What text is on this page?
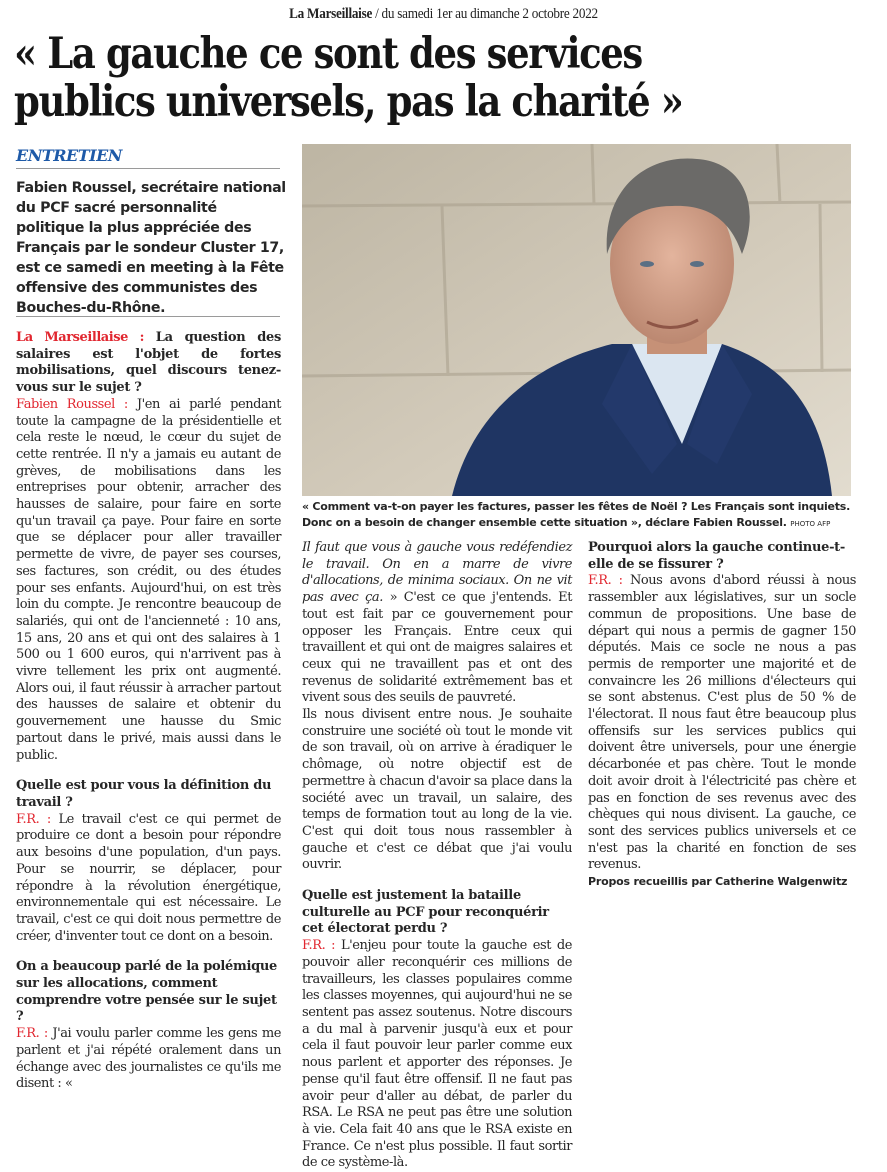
La Marseillaise / du samedi 1er au dimanche 2 octobre 2022
« La gauche ce sont des services
publics universels, pas la charité »
ENTRETIEN
Fabien Roussel, secrétaire national du PCF sacré personnalité politique la plus appréciée des Français par le sondeur Cluster 17, est ce samedi en meeting à la Fête offensive des communistes des Bouches-du-Rhône.

La Marseillaise : La question des salaires est l'objet de fortes mobilisations, quel discours tenez-vous sur le sujet ?

Fabien Roussel : J'en ai parlé pendant toute la campagne de la présidentielle et cela reste le nœud, le cœur du sujet de cette rentrée. Il n'y a jamais eu autant de grèves, de mobilisations dans les entreprises pour obtenir, arracher des hausses de salaire, pour faire en sorte qu'un travail ça paye. Pour faire en sorte que se déplacer pour aller travailler permette de vivre, de payer ses courses, ses factures, son crédit, ou des études pour ses enfants. Aujourd'hui, on est très loin du compte. Je rencontre beaucoup de salariés, qui ont de l'ancienneté : 10 ans, 15 ans, 20 ans et qui ont des salaires à 1 500 ou 1 600 euros, qui n'arrivent pas à vivre tellement les prix ont augmenté. Alors oui, il faut réussir à arracher partout des hausses de salaire et obtenir du gouvernement une hausse du Smic partout dans le privé, mais aussi dans le public.

Quelle est pour vous la définition du travail ?

F.R. : Le travail c'est ce qui permet de produire ce dont a besoin pour répondre aux besoins d'une population, d'un pays. Pour se nourrir, se déplacer, pour répondre à la révolution énergétique, environnementale qui est nécessaire. Le travail, c'est ce qui doit nous permettre de créer, d'inventer tout ce dont on a besoin.

On a beaucoup parlé de la polémique sur les allocations, comment comprendre votre pensée sur le sujet ?

F.R. : J'ai voulu parler comme les gens me parlent et j'ai répété oralement dans un échange avec des journalistes ce qu'ils me disent : «

« Comment va-t-on payer les factures, passer les fêtes de Noël ? Les Français sont inquiets. Donc on a besoin de changer ensemble cette situation », déclare Fabien Roussel. PHOTO AFP

Il faut que vous à gauche vous redéfendiez le travail. On en a marre de vivre d'allocations, de minima sociaux. On ne vit pas avec ça. » C'est ce que j'entends. Et tout est fait par ce gouvernement pour opposer les Français. Entre ceux qui travaillent et qui ont de maigres salaires et ceux qui ne travaillent pas et ont des revenus de solidarité extrêmement bas et vivent sous des seuils de pauvreté.

Ils nous divisent entre nous. Je souhaite construire une société où tout le monde vit de son travail, où on arrive à éradiquer le chômage, où notre objectif est de permettre à chacun d'avoir sa place dans la société avec un travail, un salaire, des temps de formation tout au long de la vie. C'est qui doit tous nous rassembler à gauche et c'est ce débat que j'ai voulu ouvrir.

Quelle est justement la bataille culturelle au PCF pour reconquérir cet électorat perdu ?

F.R. : L'enjeu pour toute la gauche est de pouvoir aller reconquérir ces millions de travailleurs, les classes populaires comme les classes moyennes, qui aujourd'hui ne se sentent pas assez soutenus. Notre discours a du mal à parvenir jusqu'à eux et pour cela il faut pouvoir leur parler comme eux nous parlent et apporter des réponses. Je pense qu'il faut être offensif. Il ne faut pas avoir peur d'aller au débat, de parler du RSA. Le RSA ne peut pas être une solution à vie. Cela fait 40 ans que le RSA existe en France. Ce n'est plus possible. Il faut sortir de ce système-là.

Pourquoi alors la gauche continue-t-elle de se fissurer ?

F.R. : Nous avons d'abord réussi à nous rassembler aux législatives, sur un socle commun de propositions. Une base de départ qui nous a permis de gagner 150 députés. Mais ce socle ne nous a pas permis de remporter une majorité et de convaincre les 26 millions d'électeurs qui se sont abstenus. C'est plus de 50 % de l'électorat. Il nous faut être beaucoup plus offensifs sur les services publics qui doivent être universels, pour une énergie décarbonée et pas chère. Tout le monde doit avoir droit à l'électricité pas chère et pas en fonction de ses revenus avec des chèques qui nous divisent. La gauche, ce sont des services publics universels et ce n'est pas la charité en fonction de ses revenus.

Propos recueillis par Catherine Walgenwitz
